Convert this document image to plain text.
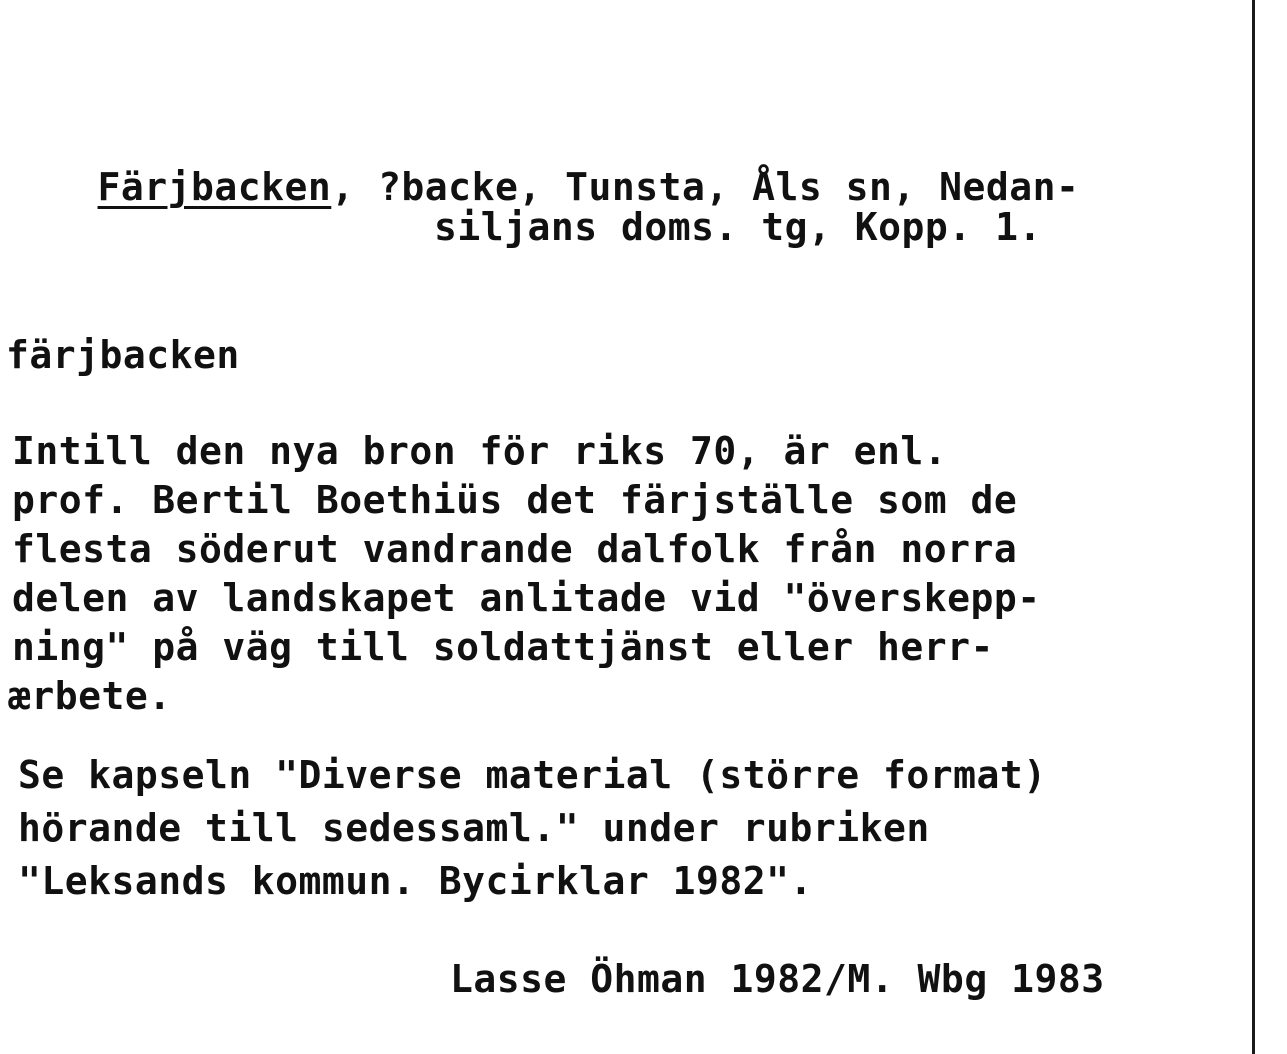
Färjbacken, ?backe, Tunsta, Åls sn, Nedan-

siljans doms. tg, Kopp. 1.
färjbacken
Intill den nya bron för riks 70, är enl.
prof. Bertil Boethiüs det färjställe som de
flesta söderut vandrande dalfolk från norra
delen av landskapet anlitade vid "överskepp-
ning" på väg till soldattjänst eller herr-
ærbete.
Se kapseln "Diverse material (större format)
hörande till sedessaml." under rubriken
"Leksands kommun. Bycirklar 1982".
Lasse Öhman 1982/M. Wbg 1983
